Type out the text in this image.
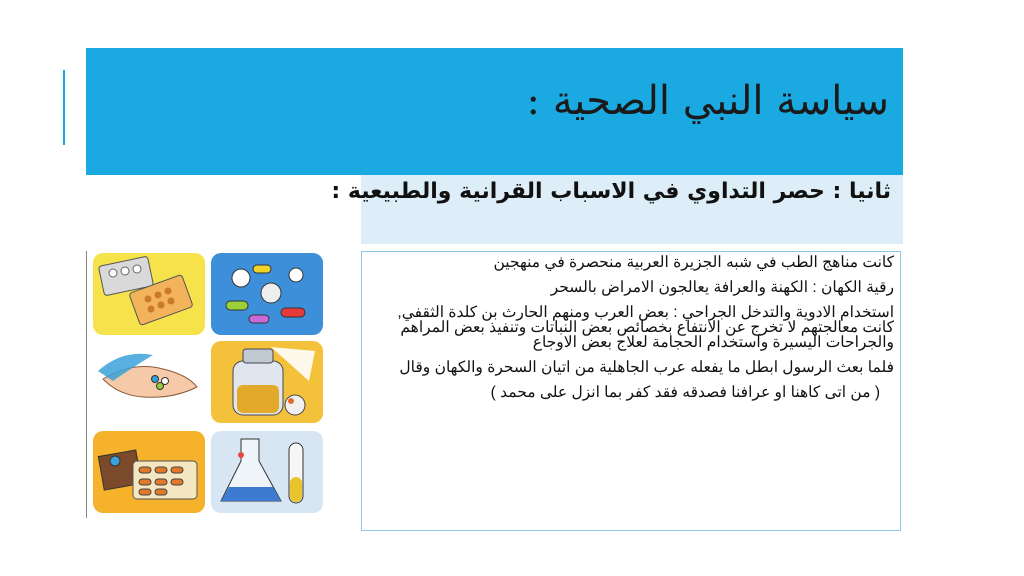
سياسة النبي الصحية :
ثانيا : حصر التداوي في الاسباب القرانية والطبيعية :

كانت مناهج الطب في شبه الجزيرة العربية منحصرة في منهجين

رقية الكهان : الكهنة والعرافة يعالجون الامراض بالسحر

استخدام الادوية والتدخل الجراحي : بعض العرب ومنهم الحارث بن كلدة الثقفي, كانت معالجتهم لا تخرج عن الانتفاع بخصائص بعض النباتات وتنفيذ بعض المراهم والجراحات اليسيرة واستخدام الحجامة لعلاج بعض الاوجاع

فلما بعث الرسول ابطل ما يفعله عرب الجاهلية من اتيان السحرة والكهان وقال

( من اتى كاهنا او عرافنا فصدقه فقد كفر بما انزل على محمد )
